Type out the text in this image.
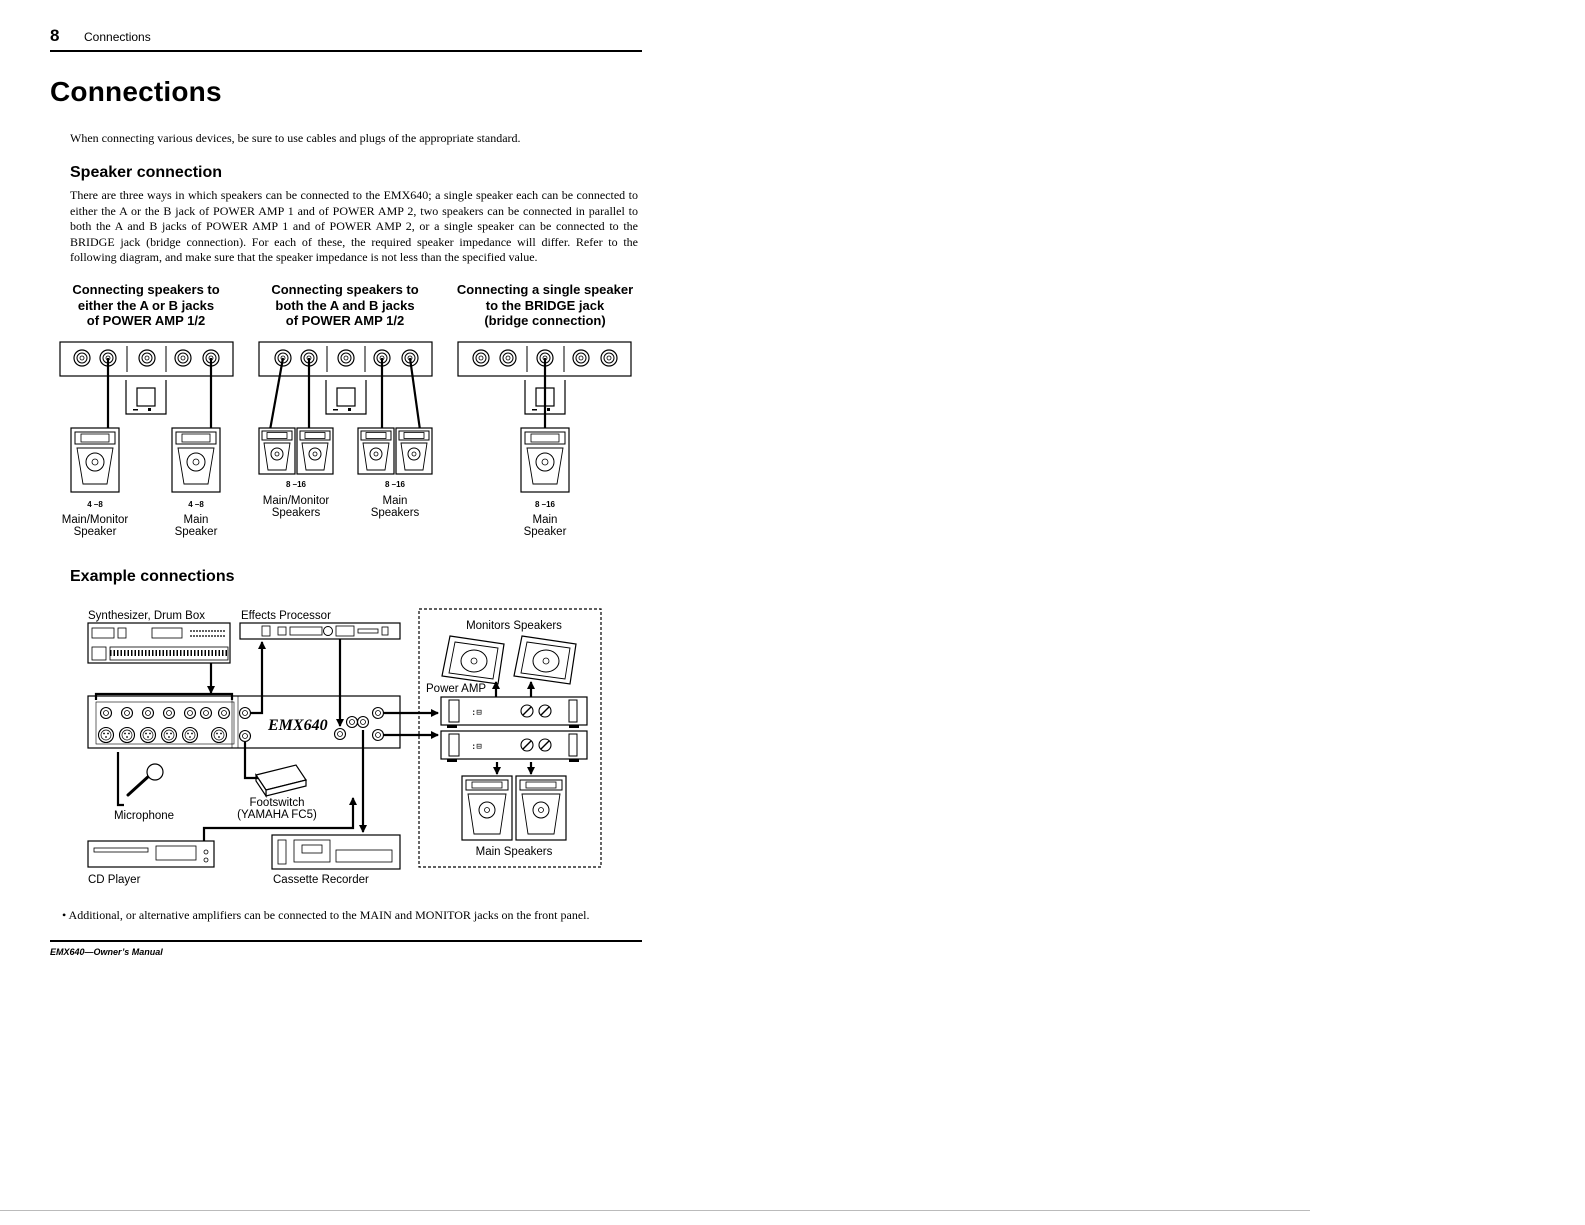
8 Connections
Connections

When connecting various devices, be sure to use cables and plugs of the appropriate standard.

Speaker connection

There are three ways in which speakers can be connected to the EMX640; a single speaker each can be connected to either the A or the B jack of POWER AMP 1 and of POWER AMP 2, two speakers can be connected in parallel to both the A and B jacks of POWER AMP 1 and of POWER AMP 2, or a single speaker can be connected to the BRIDGE jack (bridge connection). For each of these, the required speaker impedance will differ. Refer to the following diagram, and make sure that the speaker impedance is not less than the specified value.

Connecting speakers to
either the A or B jacks
of POWER AMP 1/2
Connecting speakers to
both the A and B jacks
of POWER AMP 1/2
Connecting a single speaker
to the BRIDGE jack
(bridge connection)
4 –8	4 –8
Main/Monitor
Speaker
Main
Speaker
8 –16	8 –16
Main/Monitor
Speakers
Main
Speakers
8 –16
Main
Speaker
Example connections
:⊟
EMX640
Synthesizer, Drum Box	Effects Processor
Monitors Speakers
Power AMP
Microphone
Footswitch
(YAMAHA FC5)
Main Speakers
CD Player	Cassette Recorder

• Additional, or alternative amplifiers can be connected to the MAIN and MONITOR jacks on the front panel.

EMX640—Owner’s Manual
